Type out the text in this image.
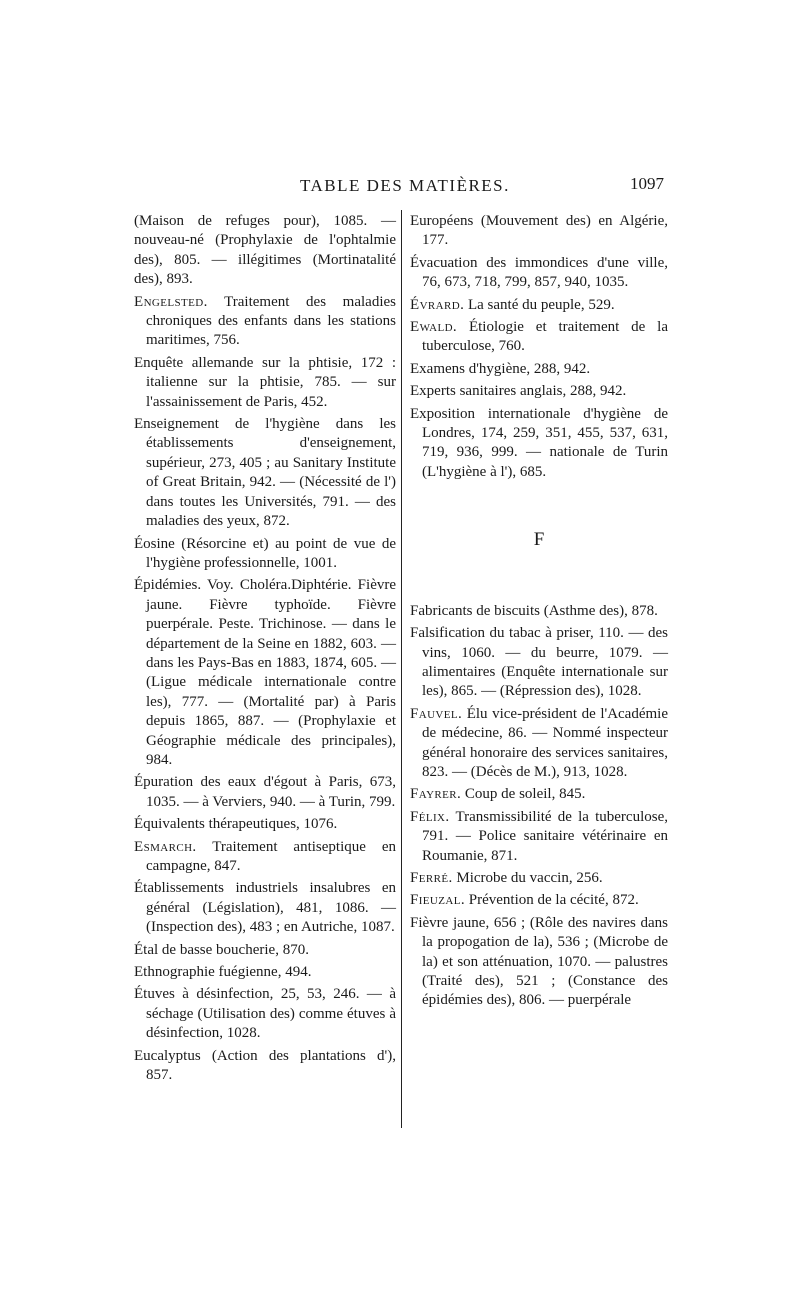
TABLE DES MATIÈRES.	1097

(Maison de refuges pour), 1085. — nouveau-né (Prophylaxie de l'ophtalmie des), 805. — illégitimes (Mortinatalité des), 893.

Engelsted. Traitement des maladies chroniques des enfants dans les stations maritimes, 756.

Enquête allemande sur la phtisie, 172 : italienne sur la phtisie, 785. — sur l'assainissement de Paris, 452.

Enseignement de l'hygiène dans les établissements d'enseignement, supérieur, 273, 405 ; au Sanitary Institute of Great Britain, 942. — (Nécessité de l') dans toutes les Universités, 791. — des maladies des yeux, 872.

Éosine (Résorcine et) au point de vue de l'hygiène professionnelle, 1001.

Épidémies. Voy. Choléra.Diphtérie. Fièvre jaune. Fièvre typhoïde. Fièvre puerpérale. Peste. Trichinose. — dans le département de la Seine en 1882, 603. — dans les Pays-Bas en 1883, 1874, 605. — (Ligue médicale internationale contre les), 777. — (Mortalité par) à Paris depuis 1865, 887. — (Prophylaxie et Géographie médicale des principales), 984.

Épuration des eaux d'égout à Paris, 673, 1035. — à Verviers, 940. — à Turin, 799.

Équivalents thérapeutiques, 1076.

Esmarch. Traitement antiseptique en campagne, 847.

Établissements industriels insalubres en général (Législation), 481, 1086. — (Inspection des), 483 ; en Autriche, 1087.

Étal de basse boucherie, 870.

Ethnographie fuégienne, 494.

Étuves à désinfection, 25, 53, 246. — à séchage (Utilisation des) comme étuves à désinfection, 1028.

Eucalyptus (Action des plantations d'), 857.

Européens (Mouvement des) en Algérie, 177.

Évacuation des immondices d'une ville, 76, 673, 718, 799, 857, 940, 1035.

Évrard. La santé du peuple, 529.

Ewald. Étiologie et traitement de la tuberculose, 760.

Examens d'hygiène, 288, 942.

Experts sanitaires anglais, 288, 942.

Exposition internationale d'hygiène de Londres, 174, 259, 351, 455, 537, 631, 719, 936, 999. — nationale de Turin (L'hygiène à l'), 685.

F

Fabricants de biscuits (Asthme des), 878.

Falsification du tabac à priser, 110. — des vins, 1060. — du beurre, 1079. — alimentaires (Enquête internationale sur les), 865. — (Répression des), 1028.

Fauvel. Élu vice-président de l'Académie de médecine, 86. — Nommé inspecteur général honoraire des services sanitaires, 823. — (Décès de M.), 913, 1028.

Fayrer. Coup de soleil, 845.

Félix. Transmissibilité de la tuberculose, 791. — Police sanitaire vétérinaire en Roumanie, 871.

Ferré. Microbe du vaccin, 256.

Fieuzal. Prévention de la cécité, 872.

Fièvre jaune, 656 ; (Rôle des navires dans la propogation de la), 536 ; (Microbe de la) et son atténuation, 1070. — palustres (Traité des), 521 ; (Constance des épidémies des), 806. — puerpérale
